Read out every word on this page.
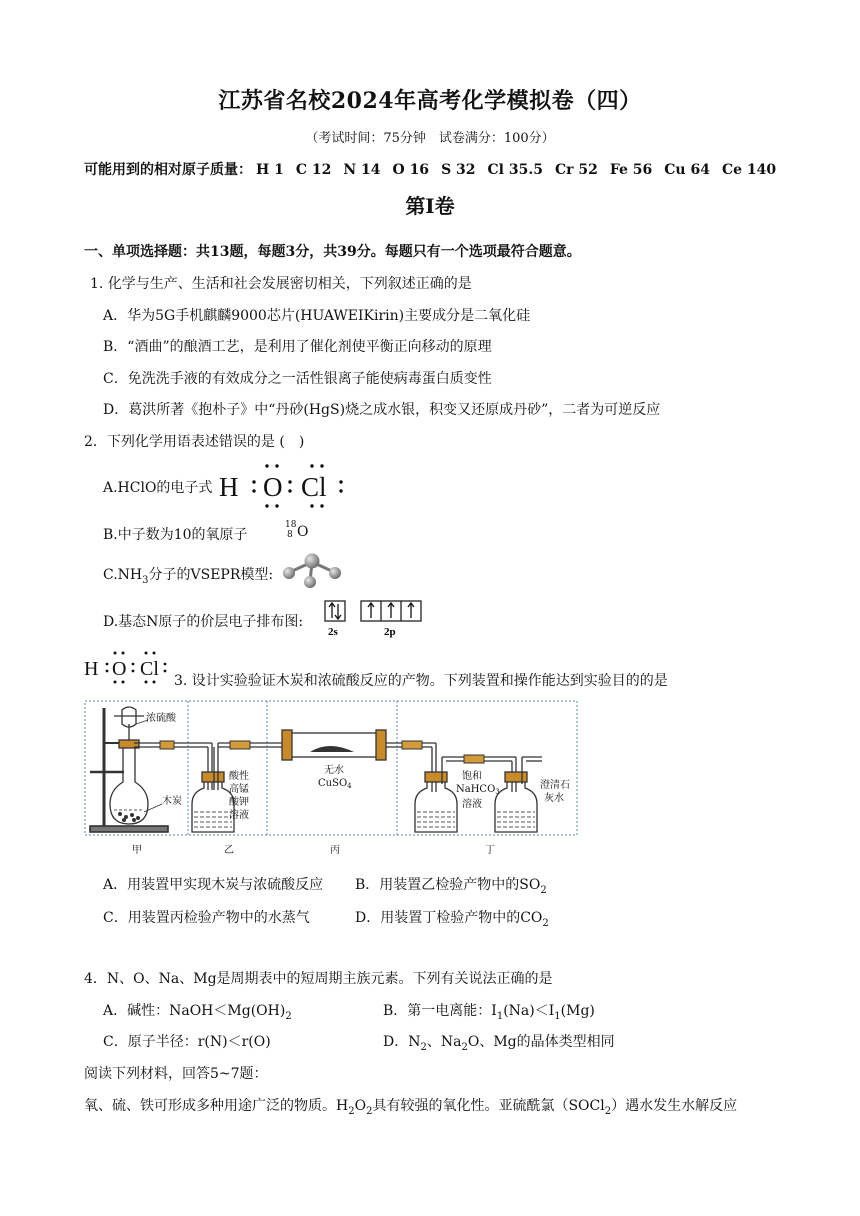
江苏省名校2024年高考化学模拟卷（四）
（考试时间：75分钟　试卷满分：100分）
可能用到的相对原子质量： H 1 C 12 N 14 O 16 S 32 Cl 35.5 Cr 52 Fe 56 Cu 64 Ce 140
第Ⅰ卷
一、单项选择题：共13题，每题3分，共39分。每题只有一个选项最符合题意。
1. 化学与生产、生活和社会发展密切相关，下列叙述正确的是
A．华为5G手机麒麟9000芯片(HUAWEIKirin)主要成分是二氧化硅
B．“酒曲”的酿酒工艺，是利用了催化剂使平衡正向移动的原理
C．免洗洗手液的有效成分之一活性银离子能使病毒蛋白质变性
D．葛洪所著《抱朴子》中“丹砂(HgS)烧之成水银，积变又还原成丹砂”，二者为可逆反应
2．下列化学用语表述错误的是 (　)
A.HClO的电子式 H O Cl
B.中子数为10的氧原子
18
8 O
$C.NH_3$分子的VSEPR模型:
D.基态N原子的价层电子排布图:
2s	2p
H O Cl
3. 设计实验验证木炭和浓硫酸反应的产物。下列装置和操作能达到实验目的的是
浓硫酸
木炭
酸性
高锰
酸钾
溶液
无水
CuSO$_4$
饱和
NaHCO$_3$
溶液
澄清石
灰水
甲	乙	丙	丁
A．用装置甲实现木炭与浓硫酸反应 B．用装置乙检验产物中的$SO_2$
C．用装置丙检验产物中的水蒸气	D．用装置丁检验产物中的$CO_2$
4．N、O、Na、Mg是周期表中的短周期主族元素。下列有关说法正确的是
A．碱性：$NaOH<Mg(OH)_2$	B．第一电离能：$I_1(Na)<I_1(Mg)$
C．原子半径：r(N)＜r(O)	D．$N_2$、$Na_2O$、Mg的晶体类型相同
阅读下列材料，回答5~7题：
氧、硫、铁可形成多种用途广泛的物质。$H_2O_2$具有较强的氧化性。亚硫酰氯（SOCl$_2$）遇水发生水解反应
